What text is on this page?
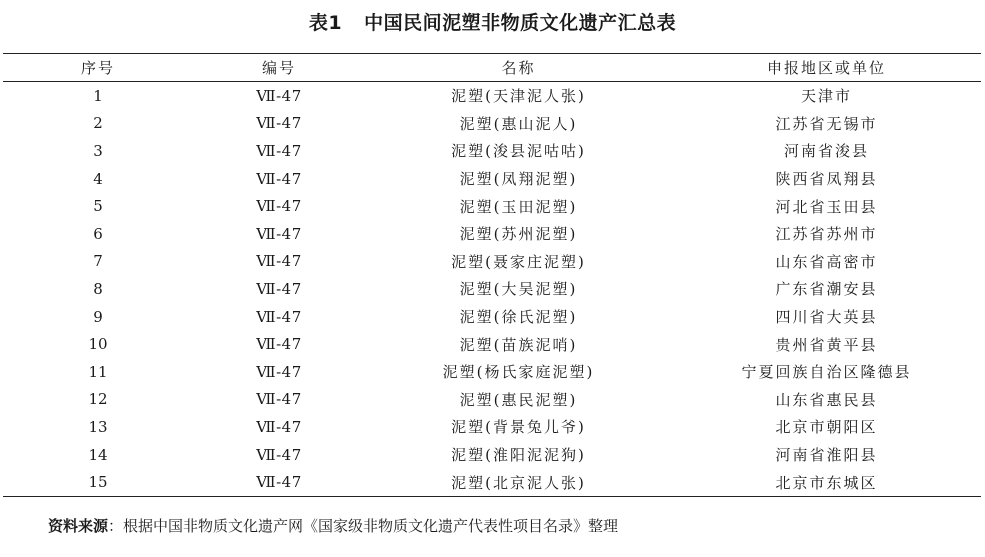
表1 中国民间泥塑非物质文化遗产汇总表
序号	编号	名称	申报地区或单位
1	Ⅶ-47	泥塑(天津泥人张)	天津市
2	Ⅶ-47	泥塑(惠山泥人)	江苏省无锡市
3	Ⅶ-47	泥塑(浚县泥咕咕)	河南省浚县
4	Ⅶ-47	泥塑(凤翔泥塑)	陕西省凤翔县
5	Ⅶ-47	泥塑(玉田泥塑)	河北省玉田县
6	Ⅶ-47	泥塑(苏州泥塑)	江苏省苏州市
7	Ⅶ-47	泥塑(聂家庄泥塑)	山东省高密市
8	Ⅶ-47	泥塑(大吴泥塑)	广东省潮安县
9	Ⅶ-47	泥塑(徐氏泥塑)	四川省大英县
10	Ⅶ-47	泥塑(苗族泥哨)	贵州省黄平县
11	Ⅶ-47	泥塑(杨氏家庭泥塑)	宁夏回族自治区隆德县
12	Ⅶ-47	泥塑(惠民泥塑)	山东省惠民县
13	Ⅶ-47	泥塑(背景兔儿爷)	北京市朝阳区
14	Ⅶ-47	泥塑(淮阳泥泥狗)	河南省淮阳县
15	Ⅶ-47	泥塑(北京泥人张)	北京市东城区
资料来源：根据中国非物质文化遗产网《国家级非物质文化遗产代表性项目名录》整理
